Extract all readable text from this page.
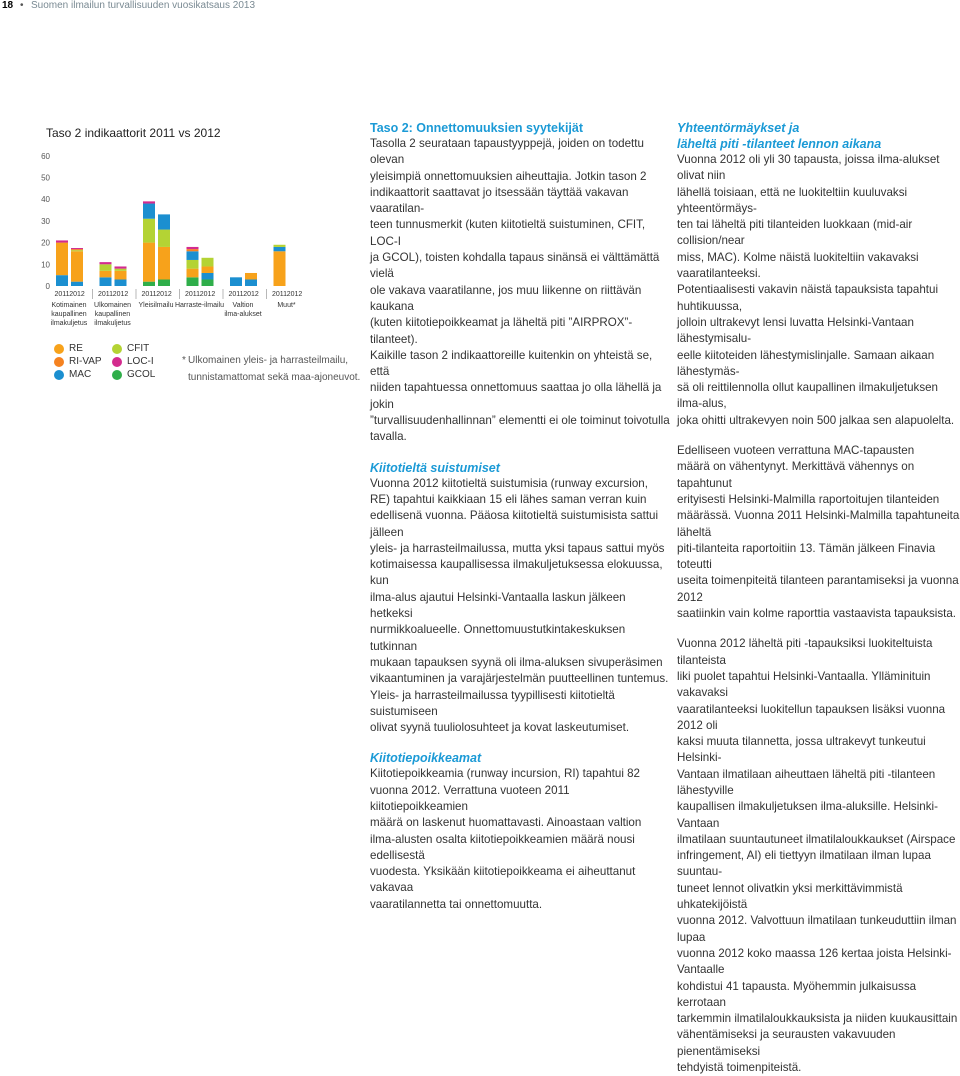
18 • Suomen ilmailun turvallisuuden vuosikatsaus 2013
Taso 2 indikaattorit 2011 vs 2012
0
10
20
30
40
50
60
2011 2012
Kotimainen
kaupallinen
ilmakuljetus
2011 2012
Ulkomainen
kaupallinen
ilmakuljetus
2011 2012
Yleisilmailu
2011 2012
Harraste-ilmailu
2011 2012
Valtion
ilma-alukset
2011 2012
Muut*
RE
RI-VAP
MAC
CFIT
LOC-I
GCOL
* Ulkomainen yleis- ja harrasteilmailu,
tunnistamattomat sekä maa-ajoneuvot.
Taso 2: Onnettomuuksien syytekijät

Tasolla 2 seurataan tapaustyyppejä, joiden on todettu olevan

yleisimpiä onnettomuuksien aiheuttajia. Jotkin tason 2

indikaattorit saattavat jo itsessään täyttää vakavan vaaratilan-

teen tunnusmerkit (kuten kiitotieltä suistuminen, CFIT, LOC-I

ja GCOL), toisten kohdalla tapaus sinänsä ei välttämättä vielä

ole vakava vaaratilanne, jos muu liikenne on riittävän kaukana

(kuten kiitotiepoikkeamat ja läheltä piti ”AIRPROX”-tilanteet).

Kaikille tason 2 indikaattoreille kuitenkin on yhteistä se, että

niiden tapahtuessa onnettomuus saattaa jo olla lähellä ja jokin

”turvallisuudenhallinnan” elementti ei ole toiminut toivotulla

tavalla.

Kiitotieltä suistumiset

Vuonna 2012 kiitotieltä suistumisia (runway excursion,

RE) tapahtui kaikkiaan 15 eli lähes saman verran kuin

edellisenä vuonna. Pääosa kiitotieltä suistumisista sattui jälleen

yleis- ja harrasteilmailussa, mutta yksi tapaus sattui myös

kotimaisessa kaupallisessa ilmakuljetuksessa elokuussa, kun

ilma-alus ajautui Helsinki-Vantaalla laskun jälkeen hetkeksi

nurmikkoalueelle. Onnettomuustutkintakeskuksen tutkinnan

mukaan tapauksen syynä oli ilma-aluksen sivuperäsimen

vikaantuminen ja varajärjestelmän puutteellinen tuntemus.

Yleis- ja harrasteilmailussa tyypillisesti kiitotieltä suistumiseen

olivat syynä tuuliolosuhteet ja kovat laskeutumiset.

Kiitotiepoikkeamat

Kiitotiepoikkeamia (runway incursion, RI) tapahtui 82

vuonna 2012. Verrattuna vuoteen 2011 kiitotiepoikkeamien

määrä on laskenut huomattavasti. Ainoastaan valtion

ilma-alusten osalta kiitotiepoikkeamien määrä nousi edellisestä

vuodesta. Yksikään kiitotiepoikkeama ei aiheuttanut vakavaa

vaaratilannetta tai onnettomuutta.

Yhteentörmäykset ja
läheltä piti -tilanteet lennon aikana

Vuonna 2012 oli yli 30 tapausta, joissa ilma-alukset olivat niin

lähellä toisiaan, että ne luokiteltiin kuuluvaksi yhteentörmäys-

ten tai läheltä piti tilanteiden luokkaan (mid-air collision/near

miss, MAC). Kolme näistä luokiteltiin vakavaksi vaaratilanteeksi.

Potentiaalisesti vakavin näistä tapauksista tapahtui huhtikuussa,

jolloin ultrakevyt lensi luvatta Helsinki-Vantaan lähestymisalu-

eelle kiitoteiden lähestymislinjalle. Samaan aikaan lähestymäs-

sä oli reittilennolla ollut kaupallinen ilmakuljetuksen ilma-alus,

joka ohitti ultrakevyen noin 500 jalkaa sen alapuolelta.

Edelliseen vuoteen verrattuna MAC-tapausten

määrä on vähentynyt. Merkittävä vähennys on tapahtunut

erityisesti Helsinki-Malmilla raportoitujen tilanteiden

määrässä. Vuonna 2011 Helsinki-Malmilla tapahtuneita läheltä

piti-tilanteita raportoitiin 13. Tämän jälkeen Finavia toteutti

useita toimenpiteitä tilanteen parantamiseksi ja vuonna 2012

saatiinkin vain kolme raporttia vastaavista tapauksista.

Vuonna 2012 läheltä piti -tapauksiksi luokiteltuista tilanteista

liki puolet tapahtui Helsinki-Vantaalla. Ylläminituin vakavaksi

vaaratilanteeksi luokitellun tapauksen lisäksi vuonna 2012 oli

kaksi muuta tilannetta, jossa ultrakevyt tunkeutui Helsinki-

Vantaan ilmatilaan aiheuttaen läheltä piti -tilanteen lähestyville

kaupallisen ilmakuljetuksen ilma-aluksille. Helsinki-Vantaan

ilmatilaan suuntautuneet ilmatilaloukkaukset (Airspace

infringement, AI) eli tiettyyn ilmatilaan ilman lupaa suuntau-

tuneet lennot olivatkin yksi merkittävimmistä uhkatekijöistä

vuonna 2012. Valvottuun ilmatilaan tunkeuduttiin ilman lupaa

vuonna 2012 koko maassa 126 kertaa joista Helsinki-Vantaalle

kohdistui 41 tapausta. Myöhemmin julkaisussa kerrotaan

tarkemmin ilmatilaloukkauksista ja niiden kuukausittain

vähentämiseksi ja seurausten vakavuuden pienentämiseksi

tehdyistä toimenpiteistä.
